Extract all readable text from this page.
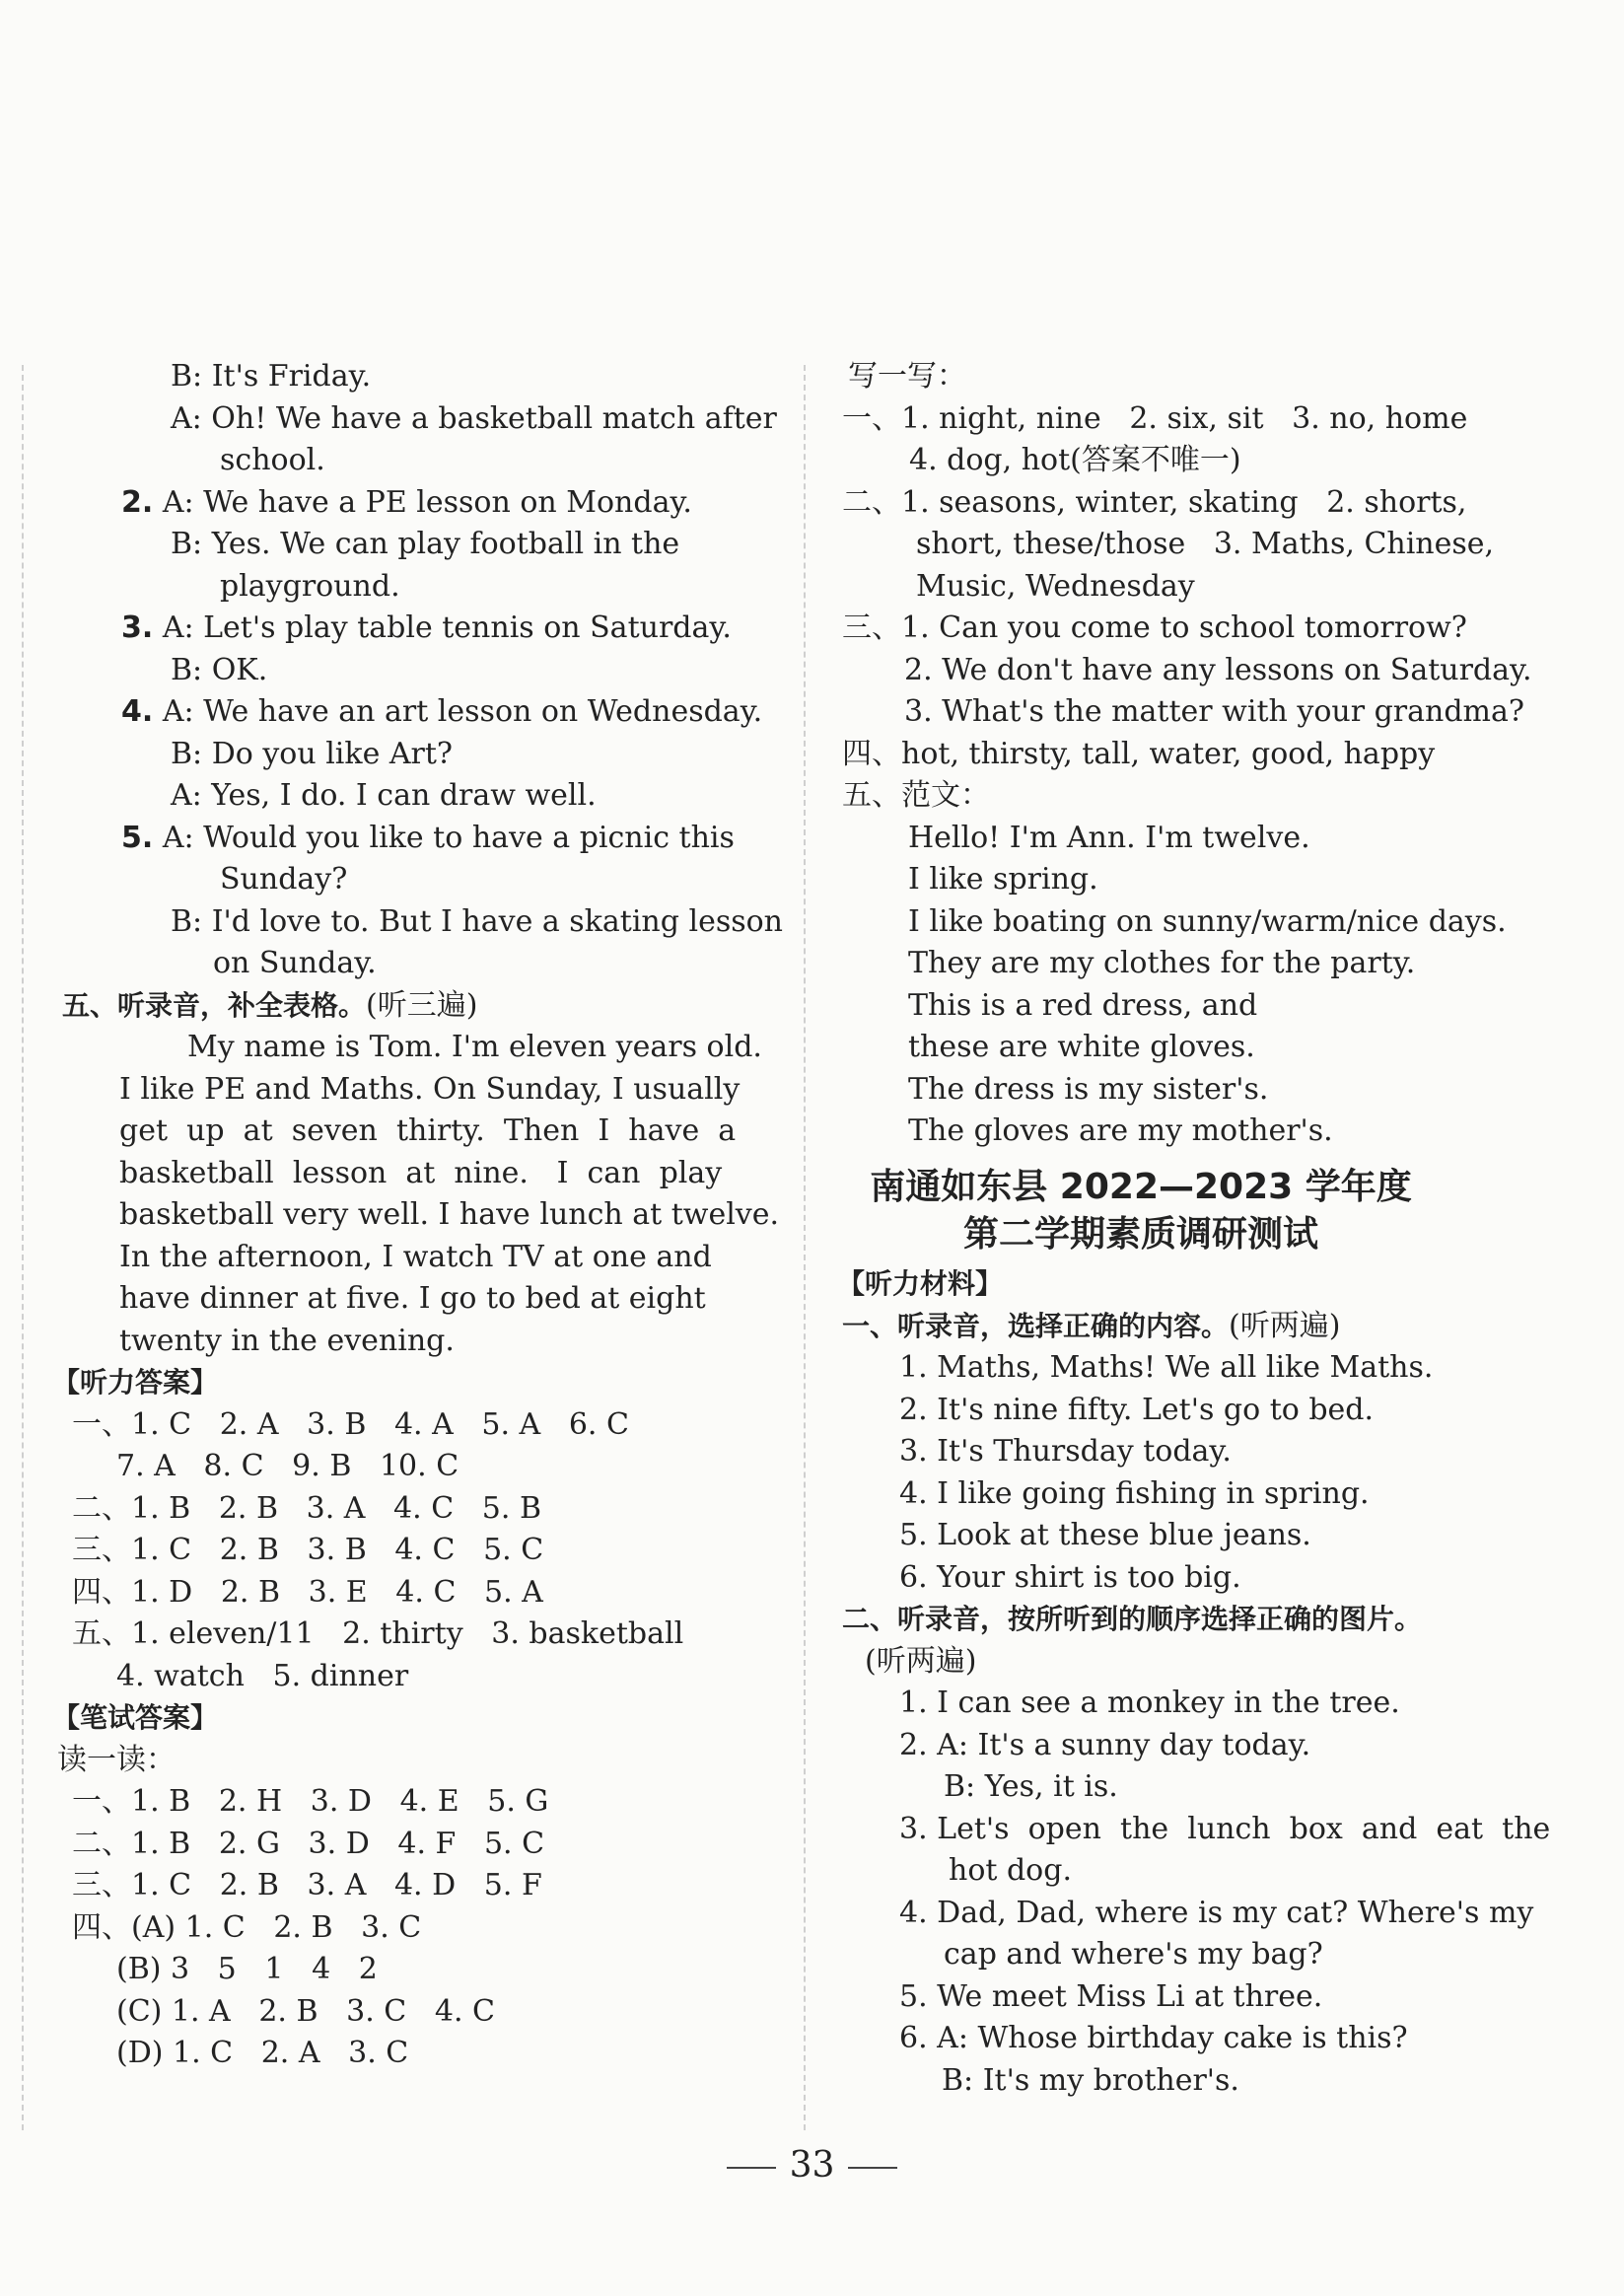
B: It's Friday.
A: Oh! We have a basketball match after
school.
2. A: We have a PE lesson on Monday.
B: Yes. We can play football in the
playground.
3. A: Let's play table tennis on Saturday.
B: OK.
4. A: We have an art lesson on Wednesday.
B: Do you like Art?
A: Yes, I do. I can draw well.
5. A: Would you like to have a picnic this
Sunday?
B: I'd love to. But I have a skating lesson
on Sunday.
五、听录音，补全表格。(听三遍)
My name is Tom. I'm eleven years old.
I like PE and Maths. On Sunday, I usually
get  up  at  seven  thirty.  Then  I  have  a
basketball  lesson  at  nine.   I  can  play
basketball very well. I have lunch at twelve.
In the afternoon, I watch TV at one and
have dinner at five. I go to bed at eight
twenty in the evening.
【听力答案】
一、1. C   2. A   3. B   4. A   5. A   6. C
7. A   8. C   9. B   10. C
二、1. B   2. B   3. A   4. C   5. B
三、1. C   2. B   3. B   4. C   5. C
四、1. D   2. B   3. E   4. C   5. A
五、1. eleven/11   2. thirty   3. basketball
4. watch   5. dinner
【笔试答案】
读一读：
一、1. B   2. H   3. D   4. E   5. G
二、1. B   2. G   3. D   4. F   5. C
三、1. C   2. B   3. A   4. D   5. F
四、(A) 1. C   2. B   3. C
(B) 3   5   1   4   2
(C) 1. A   2. B   3. C   4. C
(D) 1. C   2. A   3. C
写一写：
一、1. night, nine   2. six, sit   3. no, home
4. dog, hot(答案不唯一)
二、1. seasons, winter, skating   2. shorts,
short, these/those   3. Maths, Chinese,
Music, Wednesday
三、1. Can you come to school tomorrow?
2. We don't have any lessons on Saturday.
3. What's the matter with your grandma?
四、hot, thirsty, tall, water, good, happy
五、范文：
Hello! I'm Ann. I'm twelve.
I like spring.
I like boating on sunny/warm/nice days.
They are my clothes for the party.
This is a red dress, and
these are white gloves.
The dress is my sister's.
The gloves are my mother's.
南通如东县 2022—2023 学年度
第二学期素质调研测试
【听力材料】
一、听录音，选择正确的内容。(听两遍)
1. Maths, Maths! We all like Maths.
2. It's nine fifty. Let's go to bed.
3. It's Thursday today.
4. I like going fishing in spring.
5. Look at these blue jeans.
6. Your shirt is too big.
二、听录音，按所听到的顺序选择正确的图片。
(听两遍)
1. I can see a monkey in the tree.
2. A: It's a sunny day today.
B: Yes, it is.
3. Let's  open  the  lunch  box  and  eat  the
hot dog.
4. Dad, Dad, where is my cat? Where's my
cap and where's my bag?
5. We meet Miss Li at three.
6. A: Whose birthday cake is this?
B: It's my brother's.
33
